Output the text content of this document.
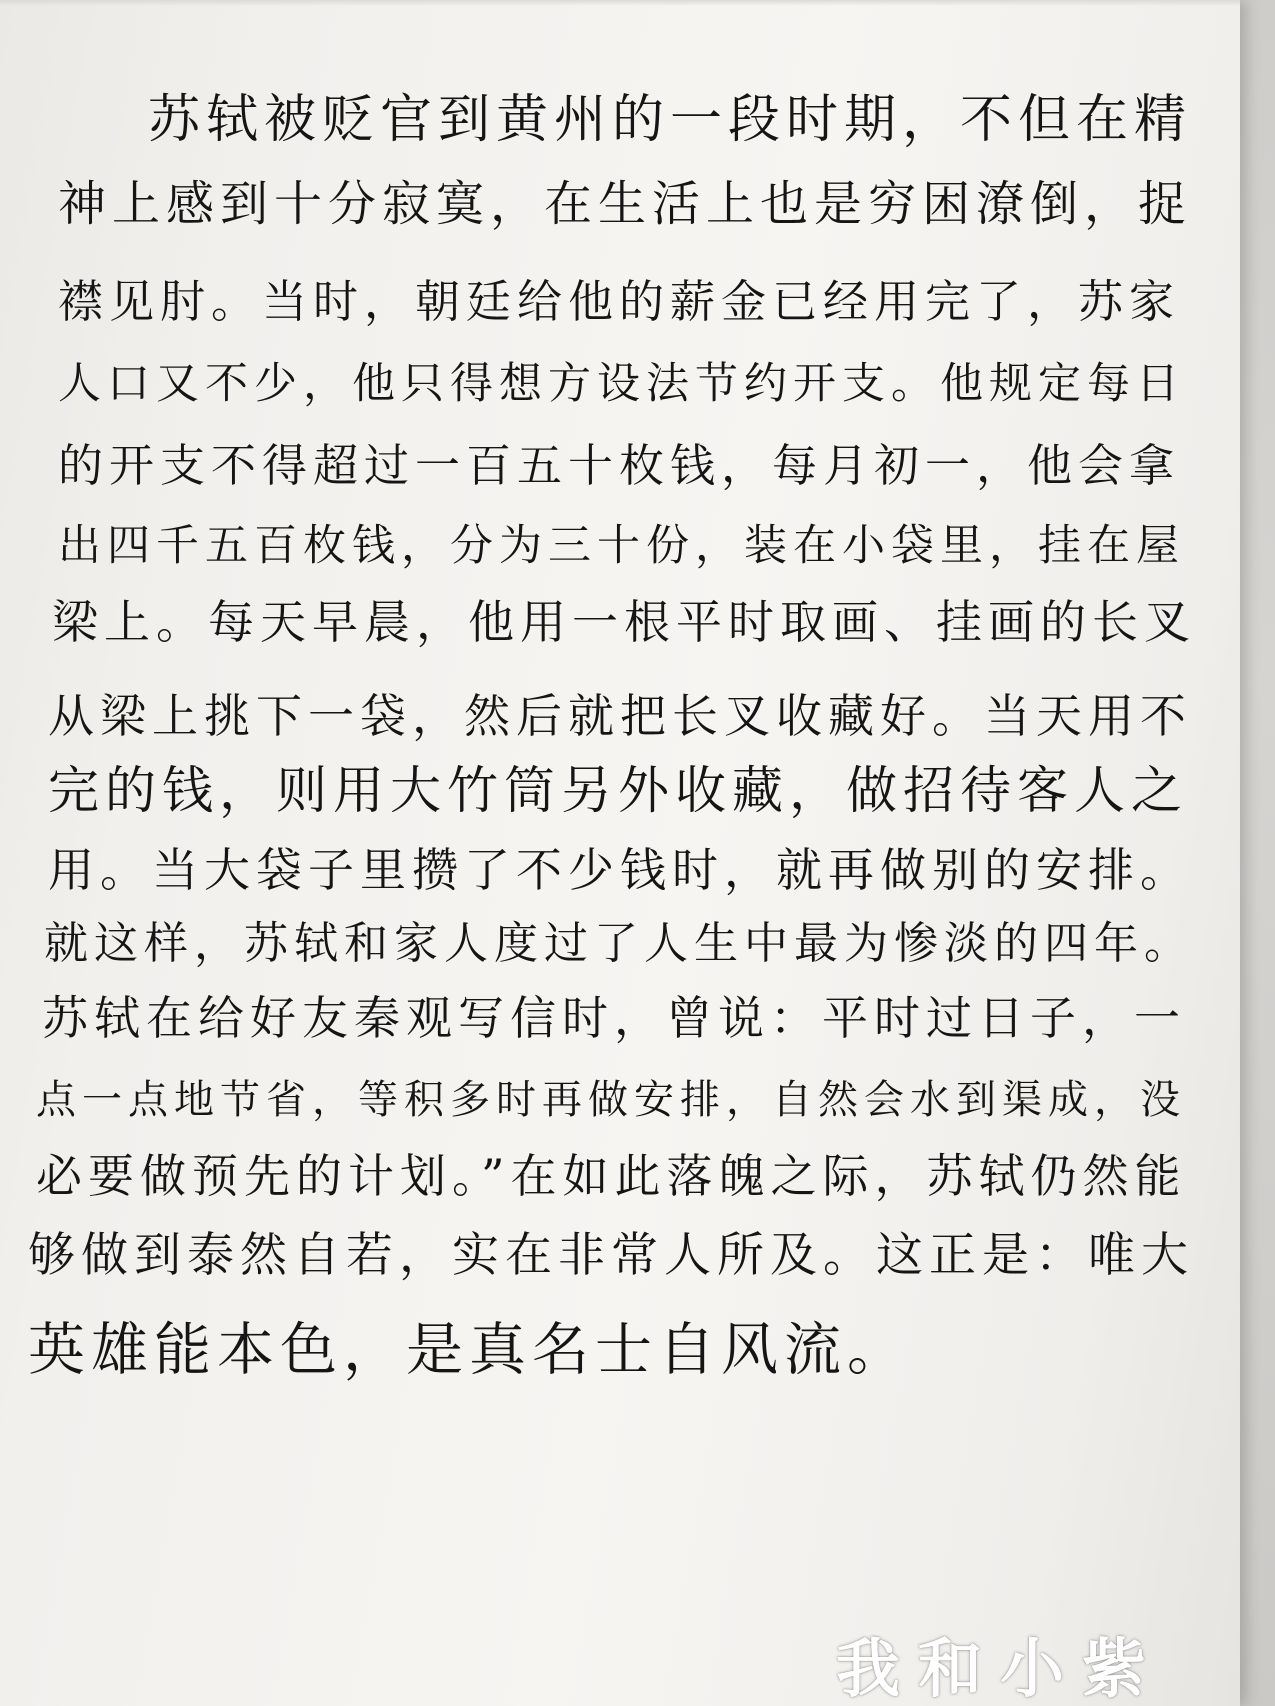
苏轼被贬官到黄州的一段时期，不但在精
神上感到十分寂寞，在生活上也是穷困潦倒，捉
襟见肘。当时，朝廷给他的薪金已经用完了，苏家
人口又不少，他只得想方设法节约开支。他规定每日
的开支不得超过一百五十枚钱，每月初一，他会拿
出四千五百枚钱，分为三十份，装在小袋里，挂在屋
梁上。每天早晨，他用一根平时取画、挂画的长叉
从梁上挑下一袋，然后就把长叉收藏好。当天用不
完的钱，则用大竹筒另外收藏，做招待客人之
用。当大袋子里攒了不少钱时，就再做别的安排。
就这样，苏轼和家人度过了人生中最为惨淡的四年。
苏轼在给好友秦观写信时，曾说：平时过日子，一
点一点地节省，等积多时再做安排，自然会水到渠成，没
必要做预先的计划。”在如此落魄之际，苏轼仍然能
够做到泰然自若，实在非常人所及。这正是：唯大
英雄能本色，是真名士自风流。
我和小紫
